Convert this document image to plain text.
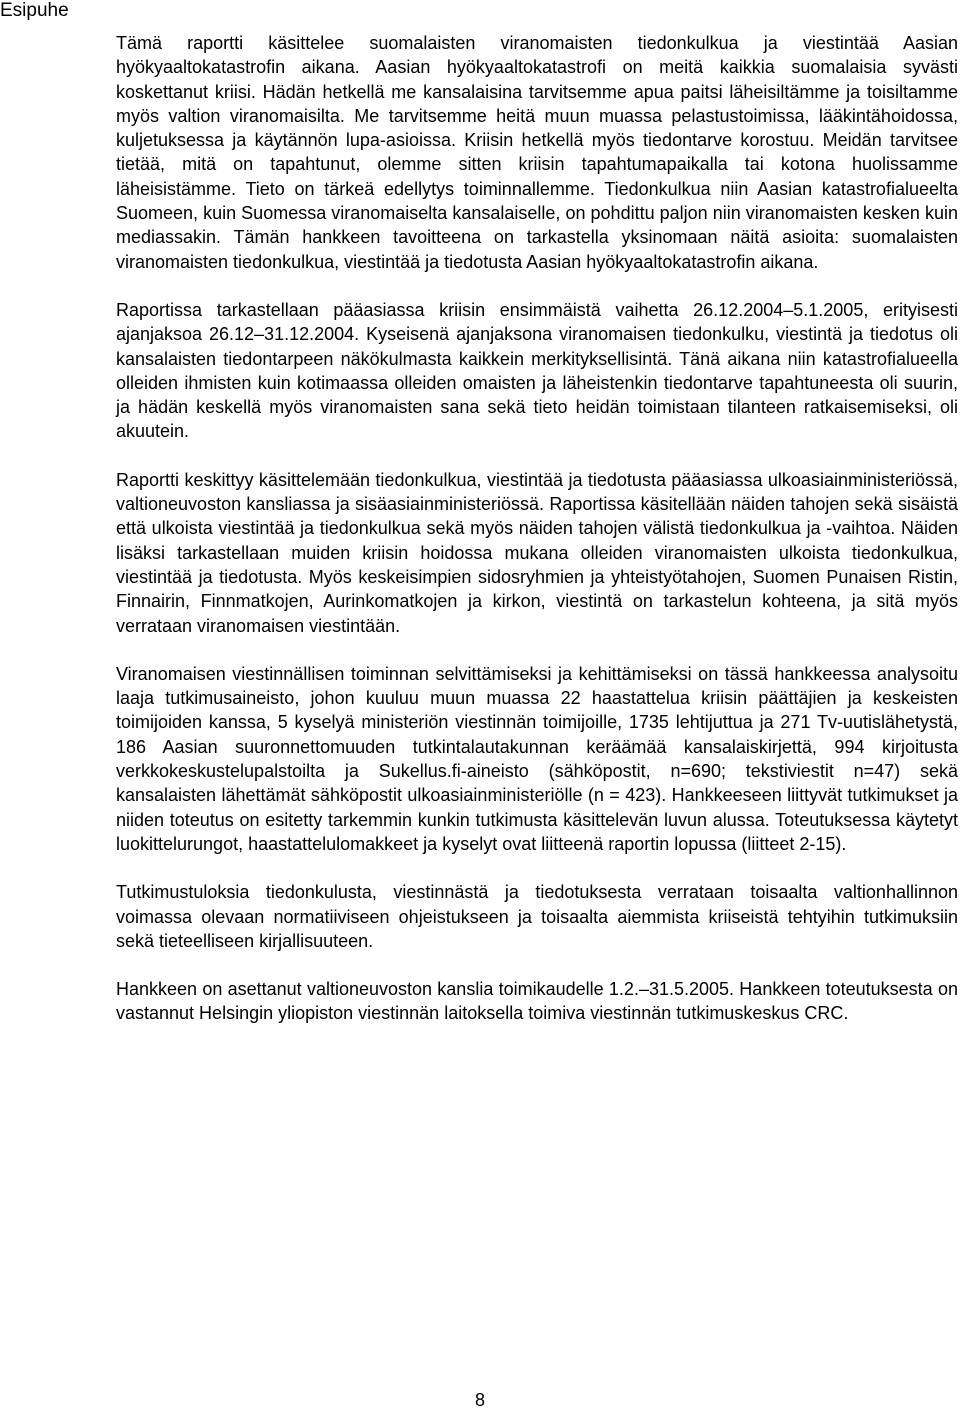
Esipuhe

Tämä raportti käsittelee suomalaisten viranomaisten tiedonkulkua ja viestintää Aasian hyökyaaltokatastrofin aikana. Aasian hyökyaaltokatastrofi on meitä kaikkia suomalaisia syvästi koskettanut kriisi. Hädän hetkellä me kansalaisina tarvitsemme apua paitsi läheisiltämme ja toisiltamme myös valtion viranomaisilta. Me tarvitsemme heitä muun muassa pelastustoimissa, lääkintähoidossa, kuljetuksessa ja käytännön lupa-asioissa. Kriisin hetkellä myös tiedontarve korostuu. Meidän tarvitsee tietää, mitä on tapahtunut, olemme sitten kriisin tapahtumapaikalla tai kotona huolissamme läheisistämme. Tieto on tärkeä edellytys toiminnallemme. Tiedonkulkua niin Aasian katastrofialueelta Suomeen, kuin Suomessa viranomaiselta kansalaiselle, on pohdittu paljon niin viranomaisten kesken kuin mediassakin. Tämän hankkeen tavoitteena on tarkastella yksinomaan näitä asioita: suomalaisten viranomaisten tiedonkulkua, viestintää ja tiedotusta Aasian hyökyaaltokatastrofin aikana.

Raportissa tarkastellaan pääasiassa kriisin ensimmäistä vaihetta 26.12.2004–5.1.2005, erityisesti ajanjaksoa 26.12–31.12.2004. Kyseisenä ajanjaksona viranomaisen tiedonkulku, viestintä ja tiedotus oli kansalaisten tiedontarpeen näkökulmasta kaikkein merkityksellisintä. Tänä aikana niin katastrofialueella olleiden ihmisten kuin kotimaassa olleiden omaisten ja läheistenkin tiedontarve tapahtuneesta oli suurin, ja hädän keskellä myös viranomaisten sana sekä tieto heidän toimistaan tilanteen ratkaisemiseksi, oli akuutein.

Raportti keskittyy käsittelemään tiedonkulkua, viestintää ja tiedotusta pääasiassa ulkoasiainministeriössä, valtioneuvoston kansliassa ja sisäasiainministeriössä. Raportissa käsitellään näiden tahojen sekä sisäistä että ulkoista viestintää ja tiedonkulkua sekä myös näiden tahojen välistä tiedonkulkua ja -vaihtoa. Näiden lisäksi tarkastellaan muiden kriisin hoidossa mukana olleiden viranomaisten ulkoista tiedonkulkua, viestintää ja tiedotusta. Myös keskeisimpien sidosryhmien ja yhteistyötahojen, Suomen Punaisen Ristin, Finnairin, Finnmatkojen, Aurinkomatkojen ja kirkon, viestintä on tarkastelun kohteena, ja sitä myös verrataan viranomaisen viestintään.

Viranomaisen viestinnällisen toiminnan selvittämiseksi ja kehittämiseksi on tässä hankkeessa analysoitu laaja tutkimusaineisto, johon kuuluu muun muassa 22 haastattelua kriisin päättäjien ja keskeisten toimijoiden kanssa, 5 kyselyä ministeriön viestinnän toimijoille, 1735 lehtijuttua ja 271 Tv-uutislähetystä, 186 Aasian suuronnettomuuden tutkintalautakunnan keräämää kansalaiskirjettä, 994 kirjoitusta verkkokeskustelupalstoilta ja Sukellus.fi-aineisto (sähköpostit, n=690; tekstiviestit n=47) sekä kansalaisten lähettämät sähköpostit ulkoasiainministeriölle (n = 423). Hankkeeseen liittyvät tutkimukset ja niiden toteutus on esitetty tarkemmin kunkin tutkimusta käsittelevän luvun alussa. Toteutuksessa käytetyt luokittelurungot, haastattelulomakkeet ja kyselyt ovat liitteenä raportin lopussa (liitteet 2-15).

Tutkimustuloksia tiedonkulusta, viestinnästä ja tiedotuksesta verrataan toisaalta valtionhallinnon voimassa olevaan normatiiviseen ohjeistukseen ja toisaalta aiemmista kriiseistä tehtyihin tutkimuksiin sekä tieteelliseen kirjallisuuteen.

Hankkeen on asettanut valtioneuvoston kanslia toimikaudelle 1.2.–31.5.2005. Hankkeen toteutuksesta on vastannut Helsingin yliopiston viestinnän laitoksella toimiva viestinnän tutkimuskeskus CRC.

8
